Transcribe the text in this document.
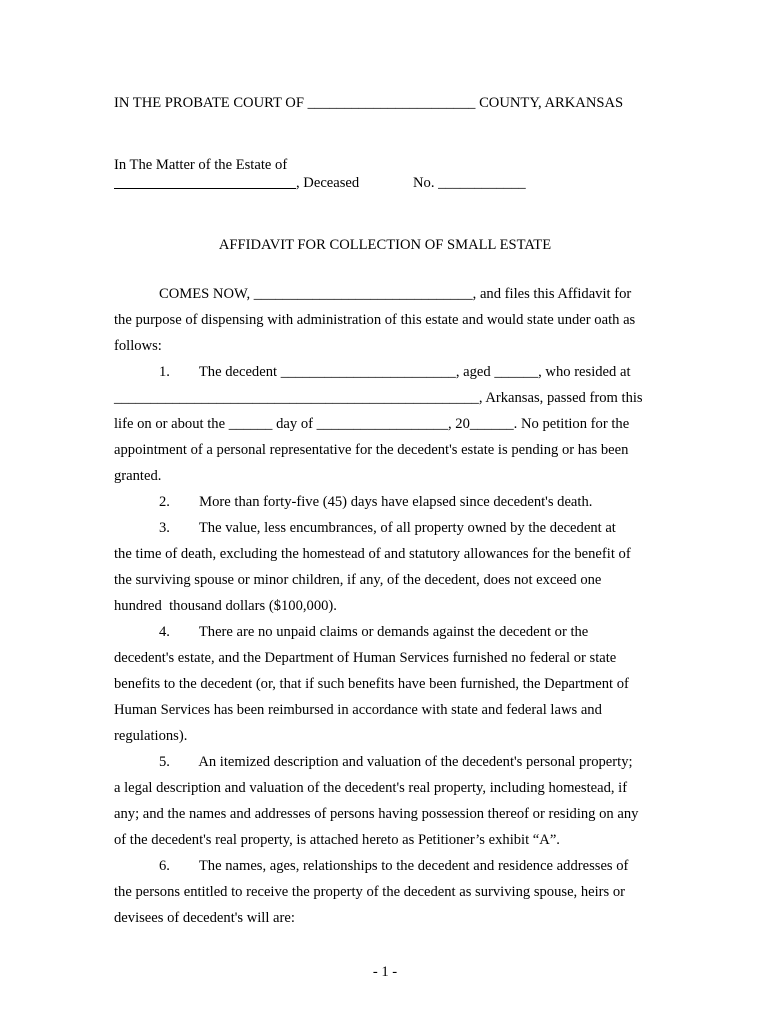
IN THE PROBATE COURT OF _______________________ COUNTY, ARKANSAS
In The Matter of the Estate of
, Deceased	No. ____________
AFFIDAVIT FOR COLLECTION OF SMALL ESTATE
COMES NOW, ______________________________, and files this Affidavit for
the purpose of dispensing with administration of this estate and would state under oath as
follows:
1.        The decedent ________________________, aged ______, who resided at
__________________________________________________, Arkansas, passed from this
life on or about the ______ day of __________________, 20______. No petition for the
appointment of a personal representative for the decedent's estate is pending or has been
granted.
2.        More than forty-five (45) days have elapsed since decedent's death.
3.        The value, less encumbrances, of all property owned by the decedent at
the time of death, excluding the homestead of and statutory allowances for the benefit of
the surviving spouse or minor children, if any, of the decedent, does not exceed one
hundred  thousand dollars ($100,000).
4.        There are no unpaid claims or demands against the decedent or the
decedent's estate, and the Department of Human Services furnished no federal or state
benefits to the decedent (or, that if such benefits have been furnished, the Department of
Human Services has been reimbursed in accordance with state and federal laws and
regulations).
5.        An itemized description and valuation of the decedent's personal property;
a legal description and valuation of the decedent's real property, including homestead, if
any; and the names and addresses of persons having possession thereof or residing on any
of the decedent's real property, is attached hereto as Petitioner’s exhibit “A”.
6.        The names, ages, relationships to the decedent and residence addresses of
the persons entitled to receive the property of the decedent as surviving spouse, heirs or
devisees of decedent's will are:
- 1 -
